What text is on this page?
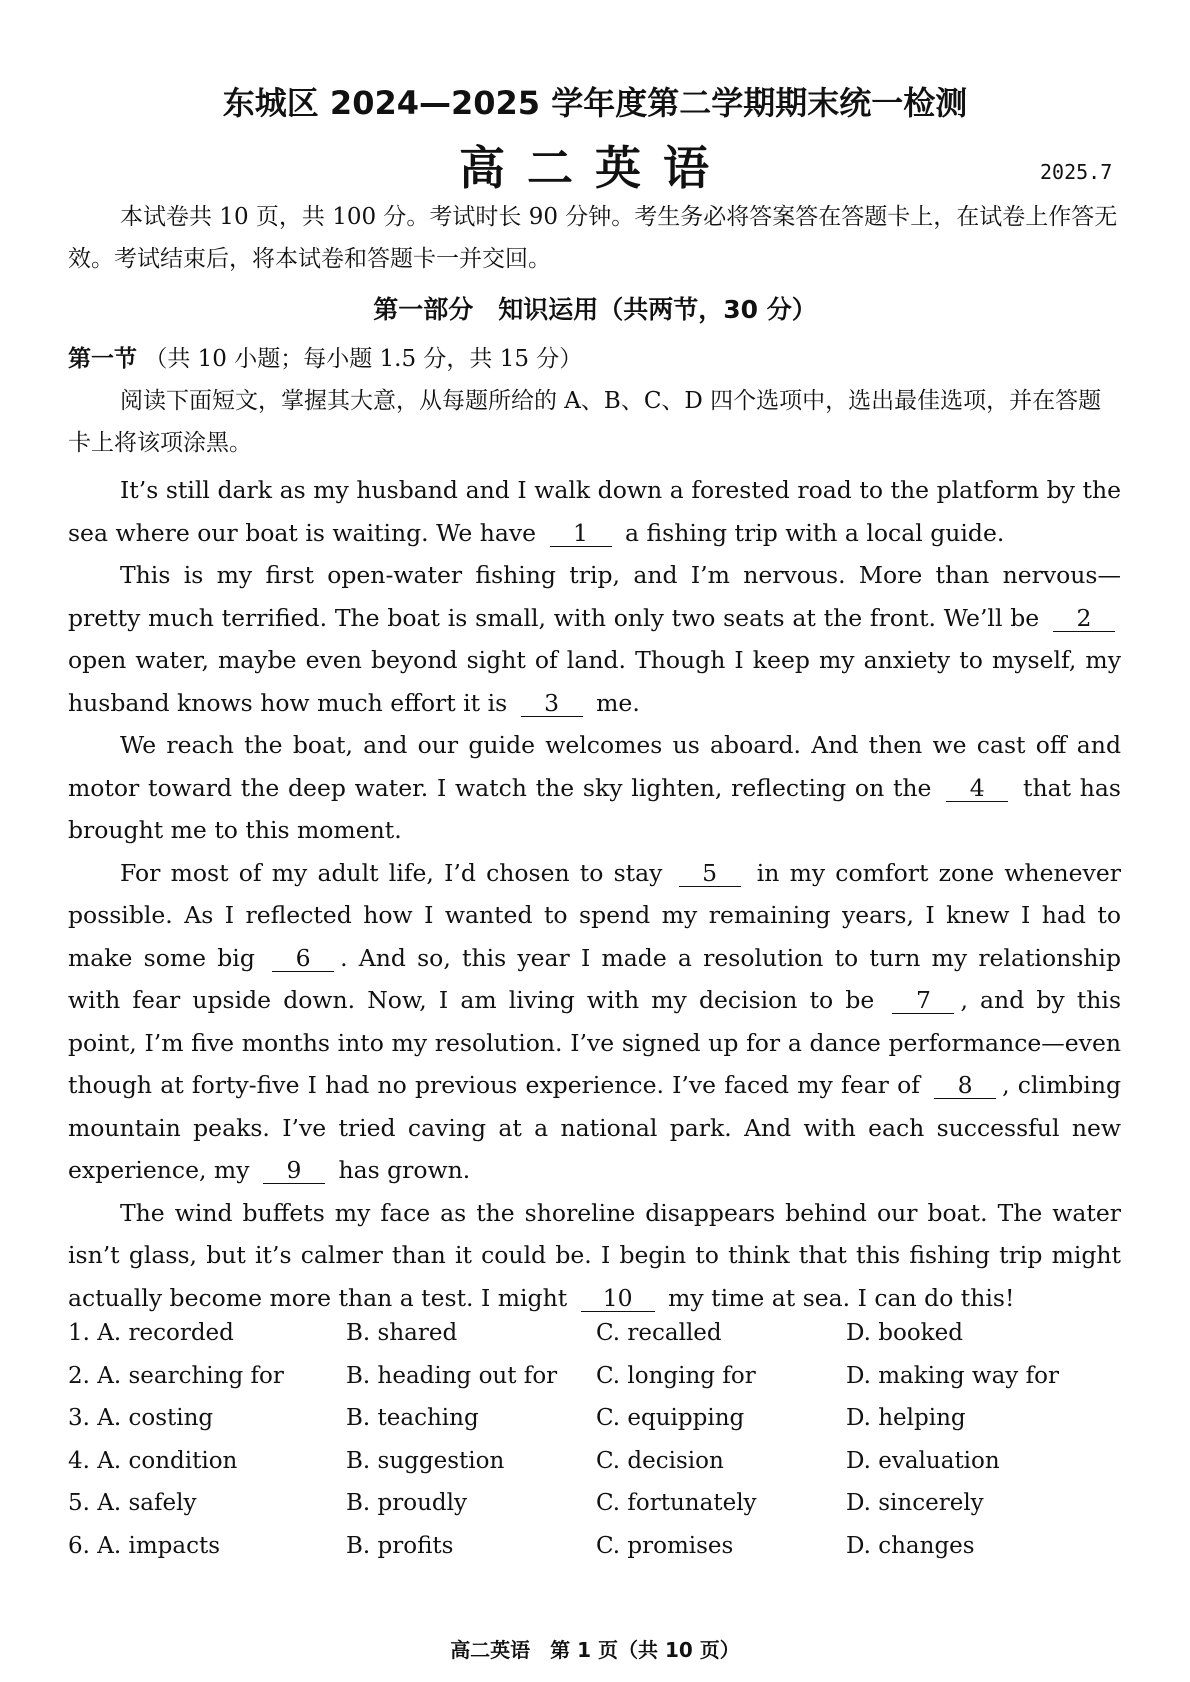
东城区 2024—2025 学年度第二学期期末统一检测
高二英语	2025.7
本试卷共 10 页，共 100 分。考试时长 90 分钟。考生务必将答案答在答题卡上，在试卷上作答无效。考试结束后，将本试卷和答题卡一并交回。
第一部分　知识运用（共两节，30 分）
第一节 （共 10 小题；每小题 1.5 分，共 15 分）
阅读下面短文，掌握其大意，从每题所给的 A、B、C、D 四个选项中，选出最佳选项，并在答题卡上将该项涂黑。

It’s still dark as my husband and I walk down a forested road to the platform by the sea where our boat is waiting. We have 1 a fishing trip with a local guide.

This is my first open-water fishing trip, and I’m nervous. More than nervous—pretty much terrified. The boat is small, with only two seats at the front. We’ll be 2 open water, maybe even beyond sight of land. Though I keep my anxiety to myself, my husband knows how much effort it is 3 me.

We reach the boat, and our guide welcomes us aboard. And then we cast off and motor toward the deep water. I watch the sky lighten, reflecting on the 4 that has brought me to this moment.

For most of my adult life, I’d chosen to stay 5 in my comfort zone whenever possible. As I reflected how I wanted to spend my remaining years, I knew I had to make some big 6 . And so, this year I made a resolution to turn my relationship with fear upside down. Now, I am living with my decision to be 7 , and by this point, I’m five months into my resolution. I’ve signed up for a dance performance—even though at forty-five I had no previous experience. I’ve faced my fear of 8 , climbing mountain peaks. I’ve tried caving at a national park. And with each successful new experience, my 9 has grown.

The wind buffets my face as the shoreline disappears behind our boat. The water isn’t glass, but it’s calmer than it could be. I begin to think that this fishing trip might actually become more than a test. I might 10 my time at sea. I can do this!

1. A. recorded	B. shared	C. recalled	D. booked
2. A. searching for	B. heading out for	C. longing for	D. making way for
3. A. costing	B. teaching	C. equipping	D. helping
4. A. condition	B. suggestion	C. decision	D. evaluation
5. A. safely	B. proudly	C. fortunately	D. sincerely
6. A. impacts	B. profits	C. promises	D. changes
高二英语　第 1 页（共 10 页）
